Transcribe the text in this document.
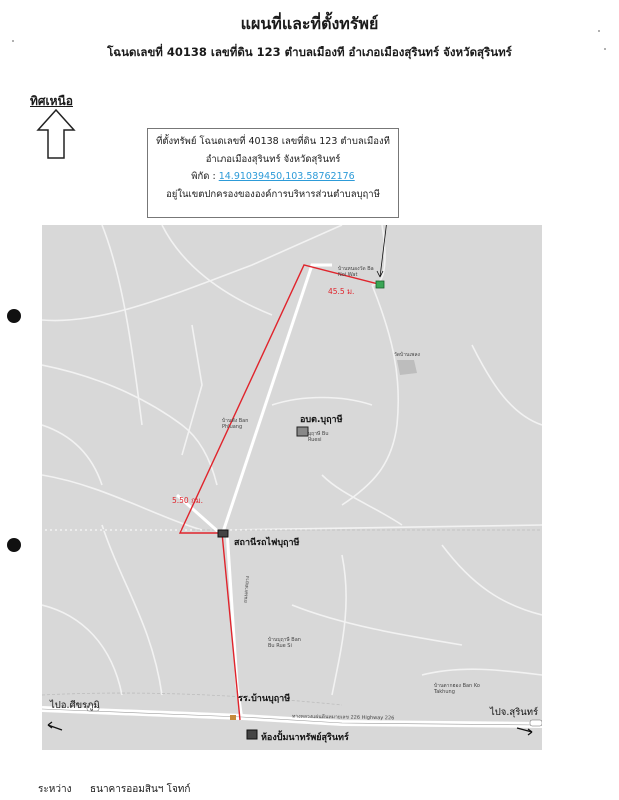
แผนที่และที่ตั้งทรัพย์
โฉนดเลขที่ 40138 เลขที่ดิน 123 ตำบลเมืองที อำเภอเมืองสุรินทร์ จังหวัดสุรินทร์
ทิศเหนือ
ที่ตั้งทรัพย์ โฉนดเลขที่ 40138 เลขที่ดิน 123 ตำบลเมืองที
อำเภอเมืองสุรินทร์ จังหวัดสุรินทร์
พิกัด : 14.91039450,103.58762176
อยู่ในเขตปกครองขององค์การบริหารส่วนตำบลบุฤาษี
5.50 กม.
45.5 ม.
บ้านหนองวัด Ba Noi Wat
วัดบ้านเพลง
บ้านพัง Ban Phluang
อบต.บุฤาษี
บุฤาษี Bu Ruesi
สถานีรถไฟบุฤาษี
บ้านบุฤาษี Ban Bu Rue Si
บ้านตากฮอง Ban Ko Takhung
รร.บ้านบุฤาษี
ถนนลาดยาง
ทางหลวงแผ่นดินหมายเลข 226 Highway 226
ไปอ.ศีขรภูมิ
ไปจ.สุรินทร์
ห้องปั้มนาทรัพย์สุรินทร์
ระหว่าง ธนาคารออมสินฯ โจทก์
